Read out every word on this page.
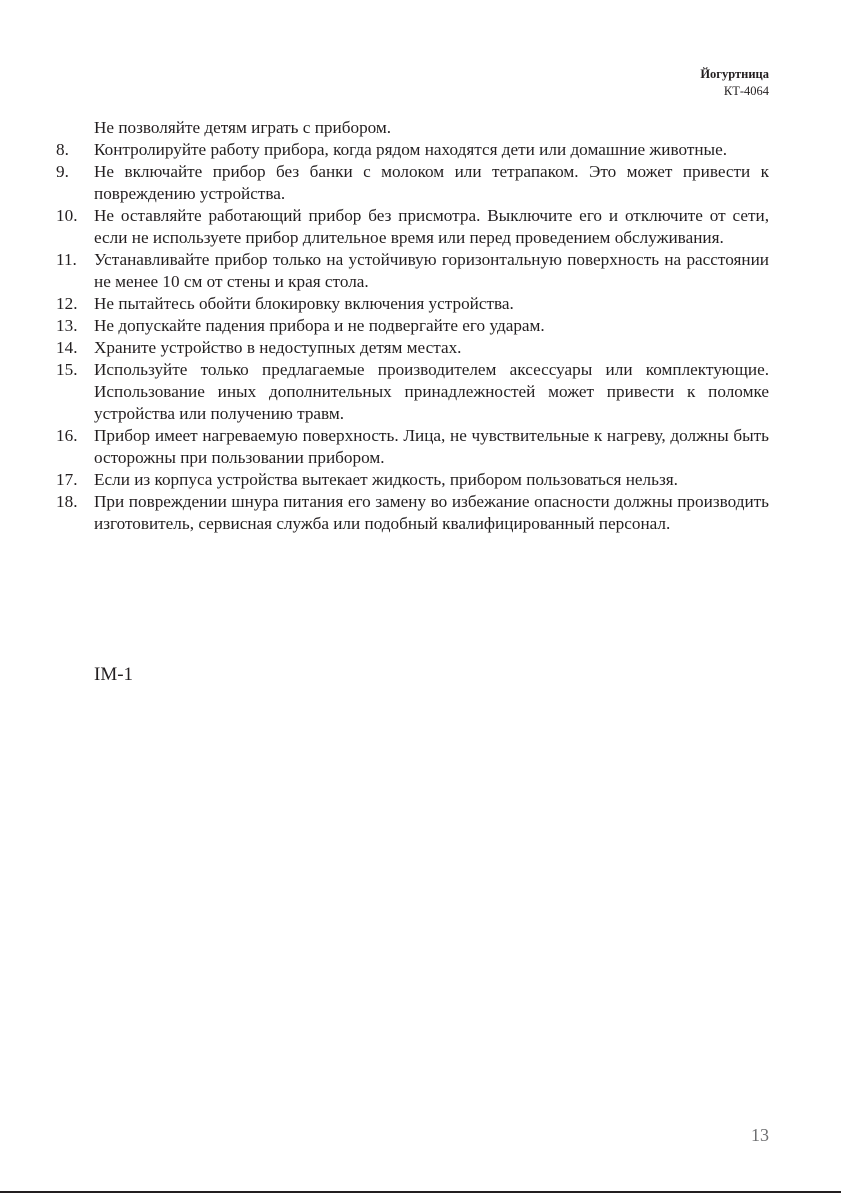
Йогуртница
КТ-4064
Не позволяйте детям играть с прибором.
8. Контролируйте работу прибора, когда рядом находятся дети или домашние животные.
9. Не включайте прибор без банки с молоком или тетрапаком. Это может привести к повреждению устройства.
10. Не оставляйте работающий прибор без присмотра. Выключите его и отключите от сети, если не используете прибор длительное время или перед проведением обслуживания.
11. Устанавливайте прибор только на устойчивую горизонтальную поверхность на расстоянии не менее 10 см от стены и края стола.
12. Не пытайтесь обойти блокировку включения устройства.
13. Не допускайте падения прибора и не подвергайте его ударам.
14. Храните устройство в недоступных детям местах.
15. Используйте только предлагаемые производителем аксессуары или комплектующие. Использование иных дополнительных принадлежностей может привести к поломке устройства или получению травм.
16. Прибор имеет нагреваемую поверхность. Лица, не чувствительные к нагреву, должны быть осторожны при пользовании прибором.
17. Если из корпуса устройства вытекает жидкость, прибором пользоваться нельзя.
18. При повреждении шнура питания его замену во избежание опасности должны производить изготовитель, сервисная служба или подобный квалифицированный персонал.
IM-1
13
